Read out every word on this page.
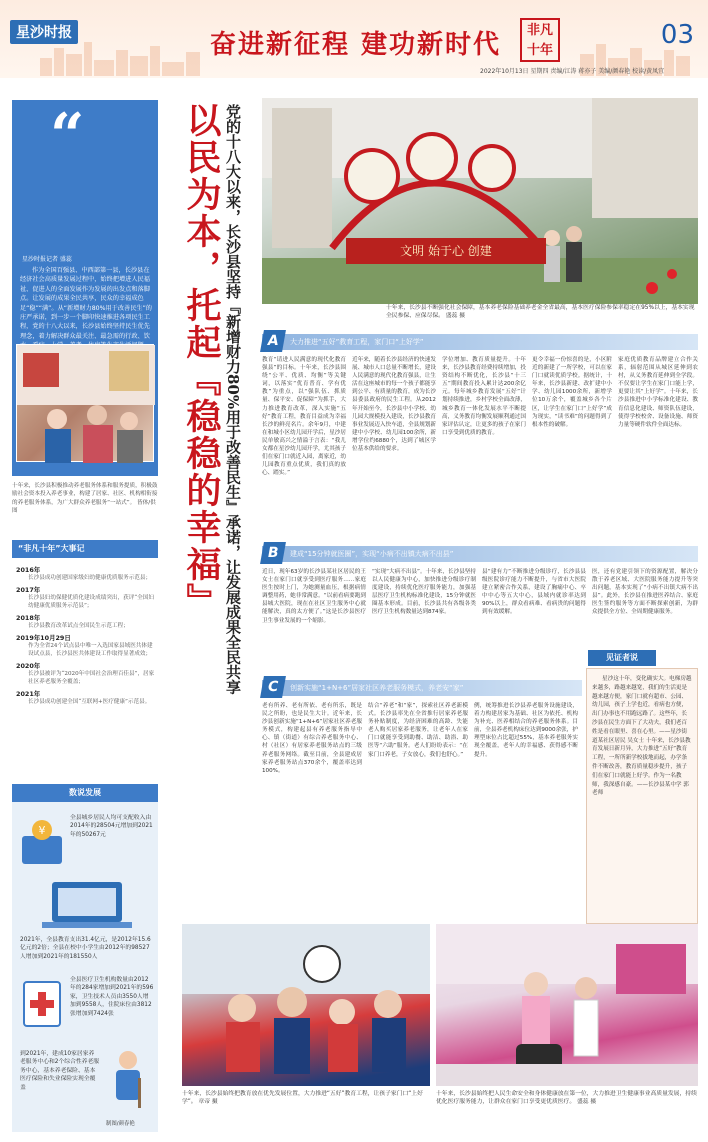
星沙时报	奋进新征程 建功新时代	非凡十年
03
2022年10月13日 星期四 责编/江涛 蒋亦子 美编/颜春艳 校读/黄凤宜
“
星沙时报记者 盛蕊
作为全国百强县、中西部第一县，长沙县在经济社会高质量发展过程中，始终把增进人民福祉、促进人的全面发展作为发展的出发点和落脚点。让发展的成果全民共享，民众的幸福成色足“稳”“满”。从“新增财力80%用于改善民生”的庄严承诺，到一步一个脚印快速推进各项民生工程，党的十八大以来，长沙县始终坚持民生优先理念，着力解决群众最关注、最急需的行政、饮
十年来，长沙县积极推动养老服务体系和服务提质，积极鼓励社会资本投入养老事业，构建了居家、社区、机构相衔接的养老服务体系，为广大群众养老服务“一站式”。 皆体/供图	以民为本，托起『稳稳的幸福』 党的十八大以来，长沙县坚持『新增财力80%用于改善民生』承诺，让发展成果全民共享	文明 始于心 创建
十年来，长沙县不断强化社会保障，基本养老保险基础养老金全省最高，基本医疗保险参保率稳定在95%以上，基本实现全民参保、应保尽保。 盛蕊 摄
A	大力推进“五好”教育工程，家门口“上好学”
教育“请进人民满意的现代化教育强县”的目标。十年来，长沙县围绕“公平、优质、均衡”等关键词，以落实“优育普育、学有优教”为重点，以“强队伍、抓质量、保平安、促保障”为抓手，大力推进教育改革，深入实施“五好”教育工程，教育目益成为幸福长沙的鲜亮名片。余年9月，中建在和城小区幼儿园开学后，星沙居民单敏高兴之情溢于言表：“我儿女都在星沙幼儿园开学，尤其孩子们在家门口就近入园，离家近，幼儿园教育重点优质，我们真的放心、踏实。”
近年来，随着长沙县经济的快速发展、城市人口总量不断增长，建设人民满意的现代化教育强县，让生活在这座城市的每一个孩子都能享到公平、有质量的教育，成为长沙县委县政府的民生工程。从2012年开始至今，长沙县中小学校、幼儿园大规模投入建设，长沙县教育事业发展迈入快车道，全县规划新建中小学校、幼儿园100余所，新增学位约6880个，达到了城区学位基本供给的要求。
学位增加、教育质量提升。十年来，长沙县教育经费持续增加，投资结构不断优化，长沙县“十三五”期间教育投入累计达200余亿元。每年城乡教育发展“五好”计划持续推进，乡村学校全面改薄，城乡教育一体化发展水平不断提高，义务教育均衡发展顺利通过国家评估认定，让更多的孩子在家门口享受到优质的教育。
更令幸福一份惊喜的是，小区附近的新建了一所学校，可以在家门口就读优质学校。据统计，十年来，长沙县新建、改扩建中小学、幼儿园1000余所，新增学位10万余个，覆盖城乡各个片区，让学生在家门口“上好学”成为现实，“读书难”的问题得到了根本性的破解。
家庭优质教育品牌建立合作关系，辐射范围从城区延伸到农村，从义务教育延伸到全学段。不仅要让学生在家门口能上学，更要让其“上好学”。十年来，长沙县推进中小学标准化建设、教育信息化建设、师资队伍建设，使得学校校舍、设备设施、师资力量等硬件软件全面达标。
B	建成“15分钟就医圈”，实现“小病不出镇大病不出县”
近日，现年63岁的长沙县某社区居民的王女士在家门口就享受到医疗服务……家庭医生按时上门，为她测量血压，根据病情调整用药，她非常满意。“以前看病要跑到县城大医院，现在在社区卫生服务中心就能解决，真的太方便了。”这是长沙县医疗卫生事业发展的一个缩影。
“实现“大病不出县”。十年来，长沙县坚持以人民健康为中心，加快推进分级诊疗制度建设，持续优化医疗服务能力，加强基层医疗卫生机构标准化建设，15分钟就医圈基本形成。目前，长沙县共有各级各类医疗卫生机构数量达到874家。
县“建有力”不断推进分级诊疗，长沙县县级医院诊疗能力不断提升，与省市大医院建立紧密合作关系，建设了胸痛中心、卒中中心等五大中心，县域内就诊率达到90%以上，群众看病难、看病贵的问题得到有效缓解。
医，还有党建引领下的资源配置，解决分散于养老区域、大医院服务能力提升等突出问题，基本实现了“小病不出镇大病不出县”。此外，长沙县在推进医养结合、家庭医生签约服务等方面不断探索创新，为群众提供全方位、全周期健康服务。
C	创新实施“1+N+6”居家社区养老服务模式，养老安“家”
老有所养、老有所依、老有所乐，既是民之所盼，也是民生大计。近年来，长沙县创新实施“1+N+6”居家社区养老服务模式，构建起县有养老服务指导中心、镇（街道）有综合养老服务中心、村（社区）有居家养老服务站点的三级养老服务网络。截至目前，全县建成居家养老服务站点370余个，覆盖率达到100%。
结合“养老”和“家”，探索社区养老新模式。长沙县率先在全省推行居家养老服务补贴制度，为经济困难的高龄、失能老人购买居家养老服务，让老年人在家门口就能享受到助餐、助洁、助浴、助医等“六助”服务。老人们纷纷表示：“在家门口养老，子女放心，我们也舒心。”
例，统筹推进长沙县养老服务设施建设，着力构建居家为基础、社区为依托、机构为补充、医养相结合的养老服务体系。目前，全县养老机构床位达到9000余张，护理型床位占比超过55%，基本养老服务实现全覆盖，老年人的幸福感、获得感不断提升。
见证者说
星沙这十年，变化确实大。电梯房越来越多，路越来越宽，我们的生活更是越来越方便，家门口就有超市、公园、幼儿园，孩子上学也近，看病也方便，出门办事也不用跑远路了。这些年，长沙县在民生方面下了大功夫，我们老百姓是看在眼里、喜在心里。——星沙街道某社区居民 吴女士 十年来，长沙县教育发展日新月异，大力推进“五好”教育工程，一所所新学校拔地而起，办学条件不断改善，教育质量稳步提升，孩子们在家门口就能上好学。作为一名教师，我深感自豪。——长沙县某中学 郭老师
“非凡十年”大事记
2016年
长沙县成功创建国家级妇幼健康优质服务示范县；
2017年
长沙县妇幼保健优质化建设成绩突出，获评“全国妇幼健康优质服务示范县”；
2018年
长沙县教育改革试点全国民生示范工程；
2019年10月29日
作为全省24个试点县中唯一入选国家县域医共体建设试点县，长沙县医共体建设工作取得显著成效；
2020年
长沙县被评为“2020年中国社会治理百佳县”，居家社区养老服务全覆盖；
2021年
长沙县成功创建全国“互联网+医疗健康”示范县。
数说发展
全县城乡居民人均可支配收入由2014年的28504元增加到2021年的50267元
¥
2021年，全县教育支出31.4亿元，是2012年15.6亿元的2倍；全县在校中小学生由2012年的98527人增加到2021年的181550人
全县医疗卫生机构数量由2012年的284家增加到2021年的596家，卫生技术人员由3550人增加到9558人，住院床位由3812张增加到7424张
到2021年，建成10家居家养老服务中心和2个综合性养老服务中心，基本养老保险、基本医疗保险和失业保险实现全覆盖
制图/颜春艳
十年来，长沙县始终把教育放在优先发展位置，大力推进“五好”教育工程，让孩子家门口“上好学”。 章帝 摄
十年来，长沙县始终把人民生命安全和身体健康放在第一位，大力推进卫生健康事业高质量发展，持续优化医疗服务能力，让群众在家门口享受更优质医疗。 盛蕊 摄
